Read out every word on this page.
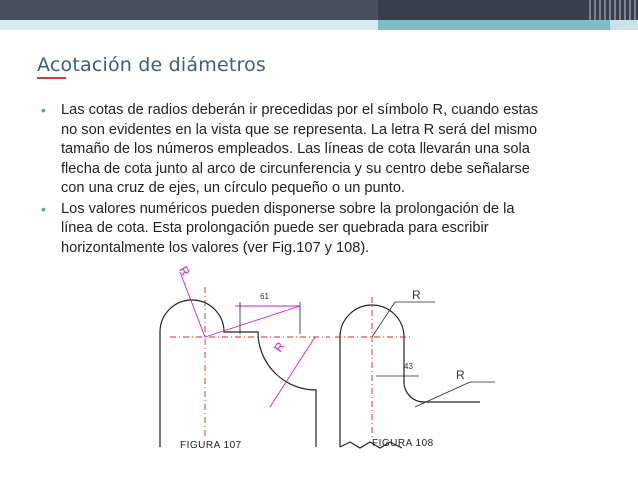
Acotación de diámetros
• Las cotas de radios deberán ir precedidas por el símbolo R, cuando estas
no son evidentes en la vista que se representa. La letra R será del mismo
tamaño de los números empleados. Las líneas de cota llevarán una sola
flecha de cota junto al arco de circunferencia y su centro debe señalarse
con una cruz de ejes, un círculo pequeño o un punto.
• Los valores numéricos pueden disponerse sobre la prolongación de la
línea de cota. Esta prolongación puede ser quebrada para escribir
horizontalmente los valores (ver Fig.107 y 108).
61
R
R
FIGURA 107
43
R
R
FIGURA 108
